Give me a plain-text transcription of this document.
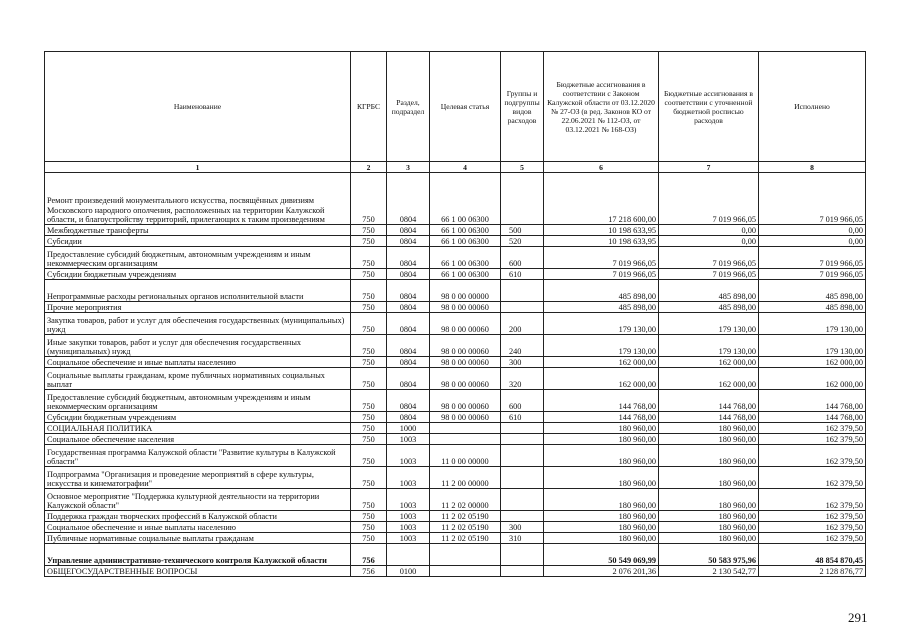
Наименование	КГРБС	Раздел, подраздел	Целевая статья	Группы и подгруппы видов расходов	Бюджетные ассигнования в соответствии с Законом Калужской области от 03.12.2020 № 27-ОЗ (в ред. Законов КО от 22.06.2021 № 112-ОЗ, от 03.12.2021 № 168-ОЗ)	Бюджетные ассигнования в соответствии с уточненной бюджетной росписью расходов	Исполнено
1	2	3	4	5	6	7	8
Ремонт произведений монументального искусства, посвящённых дивизиям Московского народного ополчения, расположенных на территории Калужской области, и благоустройству территорий, прилегающих к таким произведениям	750	0804	66 1 00 06300		17 218 600,00	7 019 966,05	7 019 966,05
Межбюджетные трансферты	750	0804	66 1 00 06300	500	10 198 633,95	0,00	0,00
Субсидии	750	0804	66 1 00 06300	520	10 198 633,95	0,00	0,00
Предоставление субсидий бюджетным, автономным учреждениям и иным некоммерческим организациям	750	0804	66 1 00 06300	600	7 019 966,05	7 019 966,05	7 019 966,05
Субсидии бюджетным учреждениям	750	0804	66 1 00 06300	610	7 019 966,05	7 019 966,05	7 019 966,05
Непрограммные расходы региональных органов исполнительной власти	750	0804	98 0 00 00000		485 898,00	485 898,00	485 898,00
Прочие мероприятия	750	0804	98 0 00 00060		485 898,00	485 898,00	485 898,00
Закупка товаров, работ и услуг для обеспечения государственных (муниципальных) нужд	750	0804	98 0 00 00060	200	179 130,00	179 130,00	179 130,00
Иные закупки товаров, работ и услуг для обеспечения государственных (муниципальных) нужд	750	0804	98 0 00 00060	240	179 130,00	179 130,00	179 130,00
Социальное обеспечение и иные выплаты населению	750	0804	98 0 00 00060	300	162 000,00	162 000,00	162 000,00
Социальные выплаты гражданам, кроме публичных нормативных социальных выплат	750	0804	98 0 00 00060	320	162 000,00	162 000,00	162 000,00
Предоставление субсидий бюджетным, автономным учреждениям и иным некоммерческим организациям	750	0804	98 0 00 00060	600	144 768,00	144 768,00	144 768,00
Субсидии бюджетным учреждениям	750	0804	98 0 00 00060	610	144 768,00	144 768,00	144 768,00
СОЦИАЛЬНАЯ ПОЛИТИКА	750	1000			180 960,00	180 960,00	162 379,50
Социальное обеспечение населения	750	1003			180 960,00	180 960,00	162 379,50
Государственная программа Калужской области "Развитие культуры в Калужской области"	750	1003	11 0 00 00000		180 960,00	180 960,00	162 379,50
Подпрограмма "Организация и проведение мероприятий в сфере культуры, искусства и кинематографии"	750	1003	11 2 00 00000		180 960,00	180 960,00	162 379,50
Основное мероприятие "Поддержка культурной деятельности на территории Калужской области"	750	1003	11 2 02 00000		180 960,00	180 960,00	162 379,50
Поддержка граждан творческих профессий в Калужской области	750	1003	11 2 02 05190		180 960,00	180 960,00	162 379,50
Социальное обеспечение и иные выплаты населению	750	1003	11 2 02 05190	300	180 960,00	180 960,00	162 379,50
Публичные нормативные социальные выплаты гражданам	750	1003	11 2 02 05190	310	180 960,00	180 960,00	162 379,50
Управление административно-технического контроля Калужской области	756				50 549 069,99	50 583 975,96	48 854 870,45
ОБЩЕГОСУДАРСТВЕННЫЕ ВОПРОСЫ	756	0100			2 076 201,36	2 130 542,77	2 128 876,77
291
